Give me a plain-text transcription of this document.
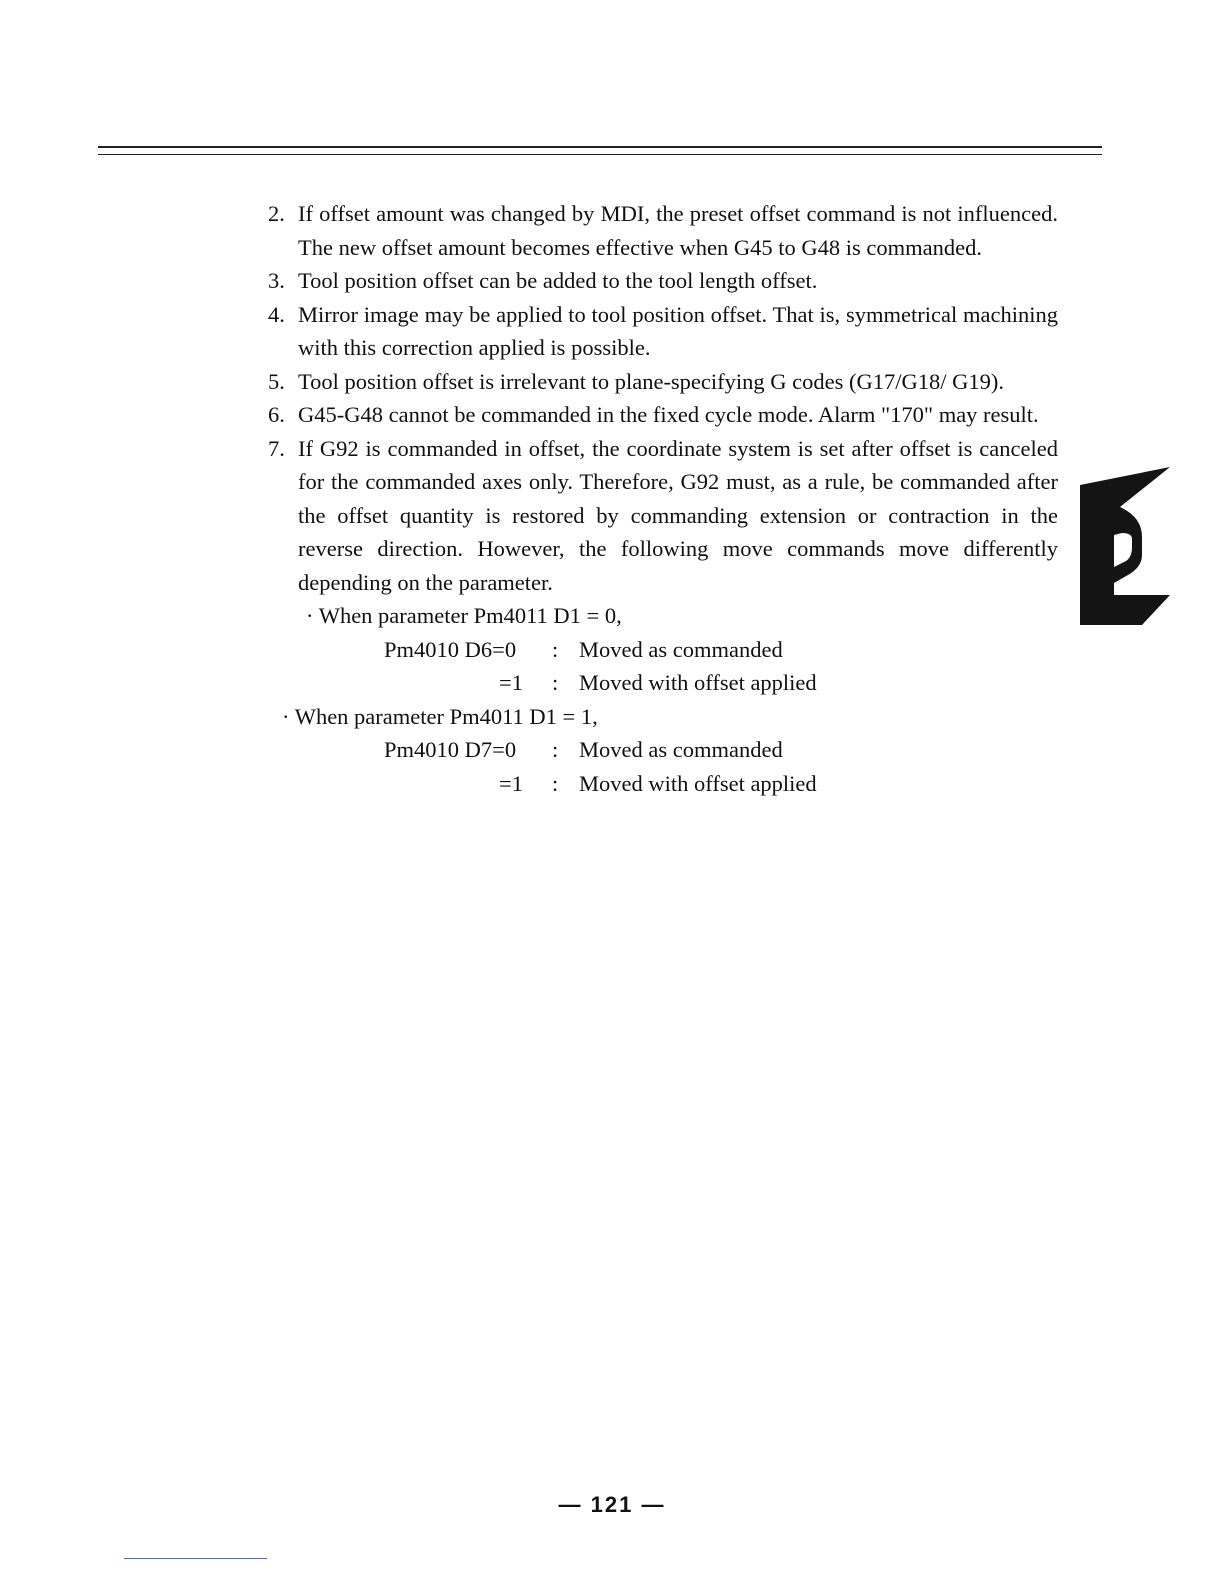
2. If offset amount was changed by MDI, the preset offset command is not influenced. The new offset amount becomes effective when G45 to G48 is commanded.
3. Tool position offset can be added to the tool length offset.
4. Mirror image may be applied to tool position offset. That is, symmetrical machining with this correction applied is possible.
5. Tool position offset is irrelevant to plane-specifying G codes (G17/G18/ G19).
6. G45-G48 cannot be commanded in the fixed cycle mode. Alarm "170" may result.
7. If G92 is commanded in offset, the coordinate system is set after offset is canceled for the commanded axes only. Therefore, G92 must, as a rule, be commanded after the offset quantity is restored by commanding extension or contraction in the reverse direction. However, the following move commands move differently depending on the parameter.
· When parameter Pm4011 D1 = 0,
Pm4010 D6=0 : Moved as commanded
=1 : Moved with offset applied
· When parameter Pm4011 D1 = 1,
Pm4010 D7=0 : Moved as commanded
=1 : Moved with offset applied
— 121 —
